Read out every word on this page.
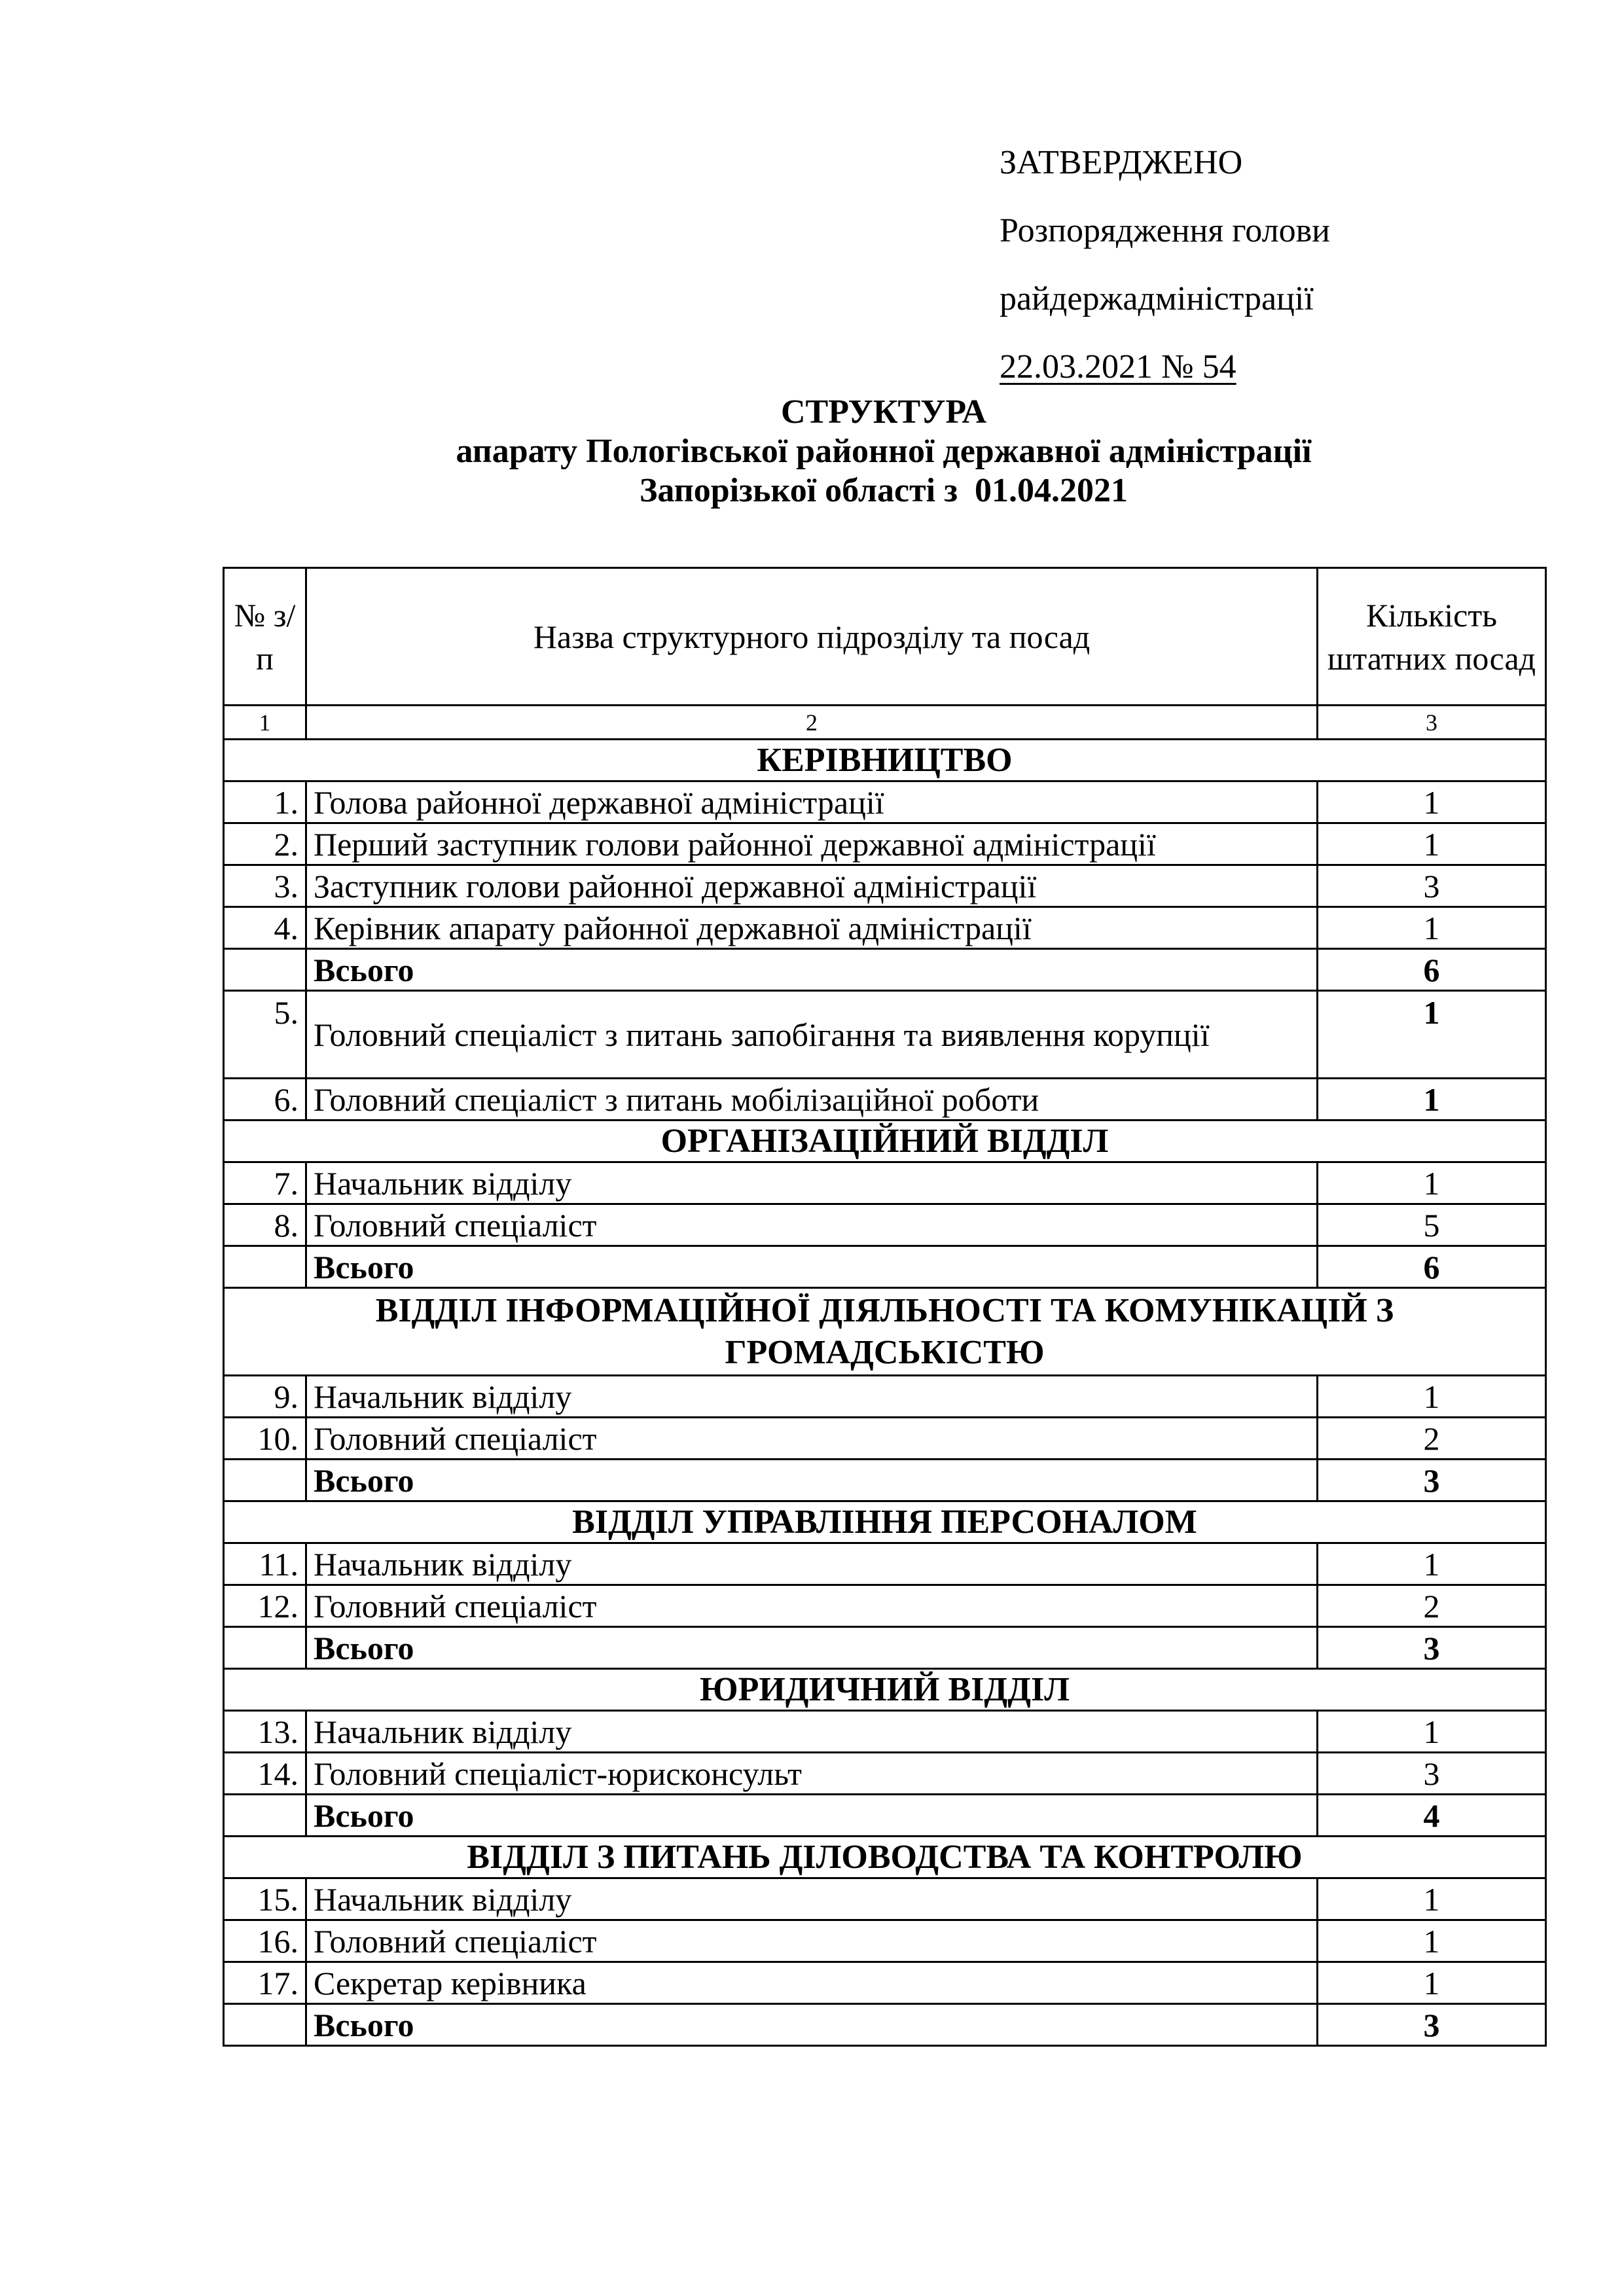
ЗАТВЕРДЖЕНО
Розпорядження голови
райдержадміністрації
22.03.2021 № 54
СТРУКТУРА
апарату Пологівської районної державної адміністрації
Запорізької області з  01.04.2021
№ з/п	Назва структурного підрозділу та посад	Кількість штатних посад
1	2	3
КЕРІВНИЦТВО		
1.	Голова районної державної адміністрації	1
2.	Перший заступник голови районної державної адміністрації	1
3.	Заступник голови районної державної адміністрації	3
4.	Керівник апарату районної державної адміністрації	1
	Всього	6
5.	Головний спеціаліст з питань запобігання та виявлення корупції	1
6.	Головний спеціаліст з питань мобілізаційної роботи	1
ОРГАНІЗАЦІЙНИЙ ВІДДІЛ		
7.	Начальник відділу	1
8.	Головний спеціаліст	5
	Всього	6
ВІДДІЛ ІНФОРМАЦІЙНОЇ ДІЯЛЬНОСТІ ТА КОМУНІКАЦІЙ З ГРОМАДСЬКІСТЮ		
9.	Начальник відділу	1
10.	Головний спеціаліст	2
	Всього	3
ВІДДІЛ УПРАВЛІННЯ ПЕРСОНАЛОМ		
11.	Начальник відділу	1
12.	Головний спеціаліст	2
	Всього	3
ЮРИДИЧНИЙ ВІДДІЛ		
13.	Начальник відділу	1
14.	Головний спеціаліст-юрисконсульт	3
	Всього	4
ВІДДІЛ З ПИТАНЬ ДІЛОВОДСТВА ТА КОНТРОЛЮ		
15.	Начальник відділу	1
16.	Головний спеціаліст	1
17.	Секретар керівника	1
	Всього	3
